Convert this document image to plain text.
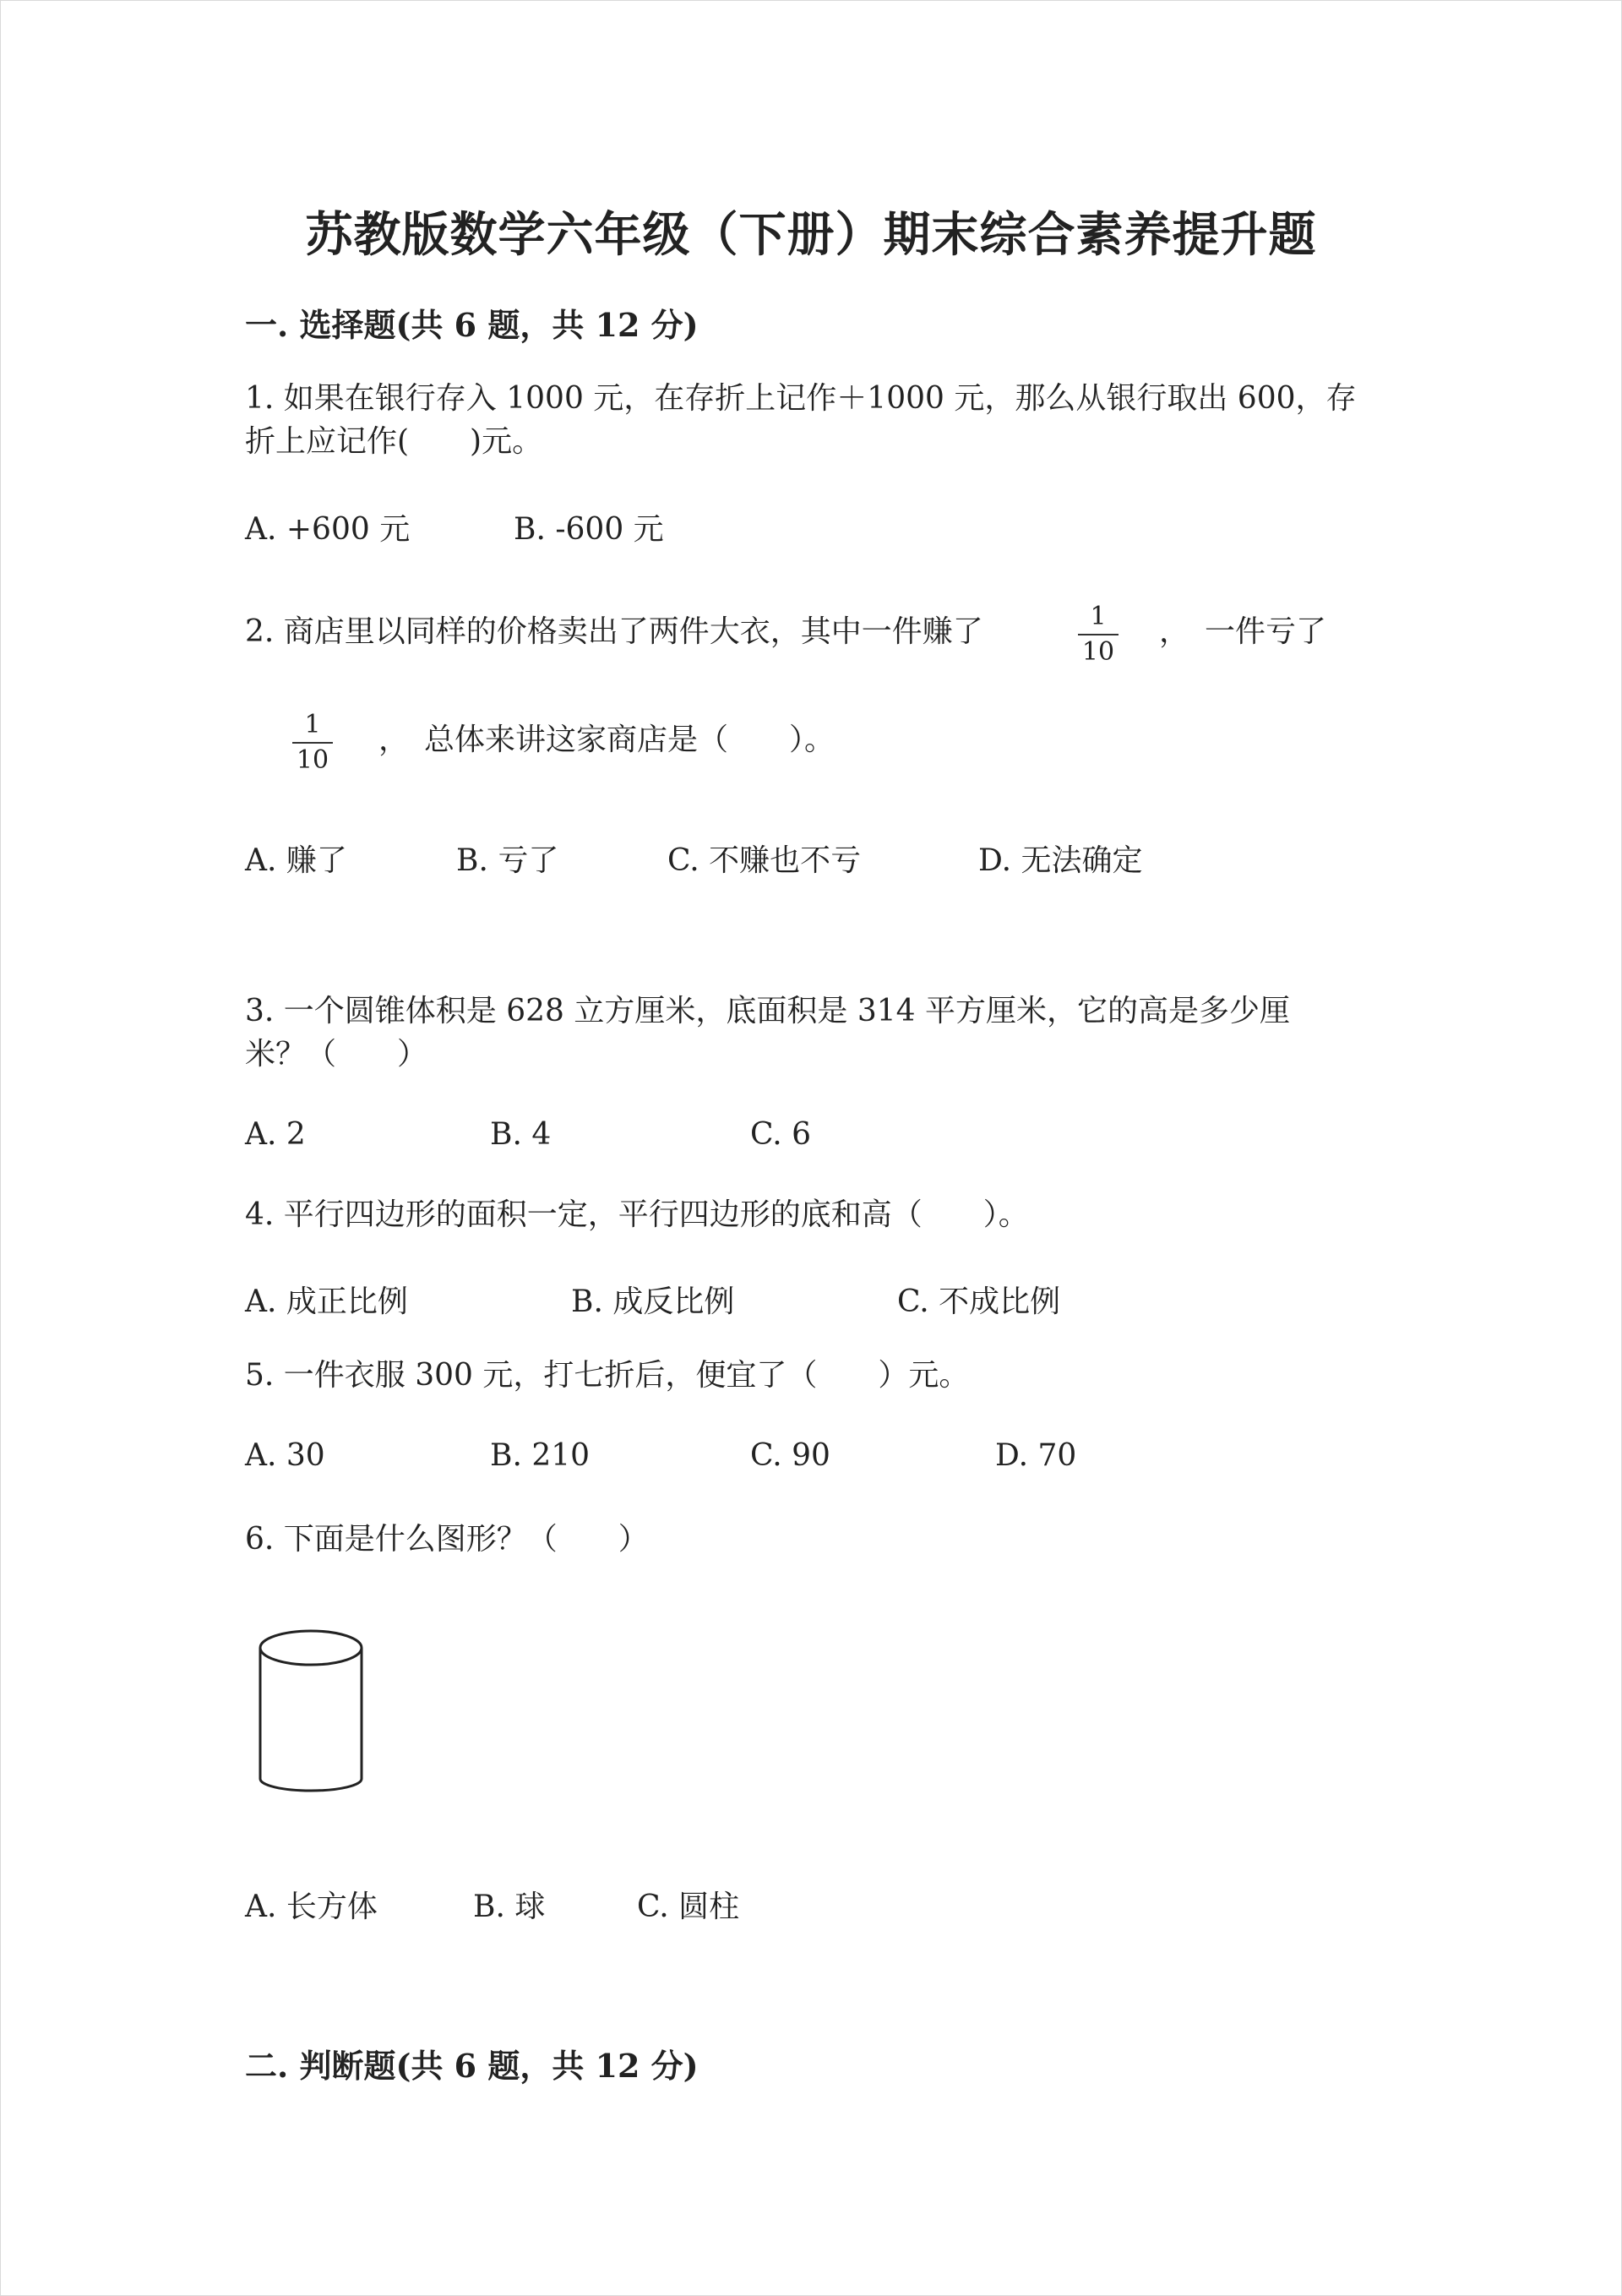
苏教版数学六年级（下册）期末综合素养提升题
一. 选择题(共 6 题，共 12 分)
1. 如果在银行存入 1000 元，在存折上记作＋1000 元，那么从银行取出 600，存
折上应记作(　　)元。
A. +600 元	B. -600 元
2. 商店里以同样的价格卖出了两件大衣，其中一件赚了	1
10
，　一件亏了
1
10
，　总体来讲这家商店是（　　）。
A. 赚了	B. 亏了	C. 不赚也不亏	D. 无法确定
3. 一个圆锥体积是 628 立方厘米，底面积是 314 平方厘米，它的高是多少厘
米？（　　）
A. 2	B. 4	C. 6
4. 平行四边形的面积一定，平行四边形的底和高（　　）。
A. 成正比例	B. 成反比例	C. 不成比例
5. 一件衣服 300 元，打七折后，便宜了（　　）元。
A. 30	B. 210	C. 90	D. 70
6. 下面是什么图形？（　　）
A. 长方体	B. 球	C. 圆柱
二. 判断题(共 6 题，共 12 分)
